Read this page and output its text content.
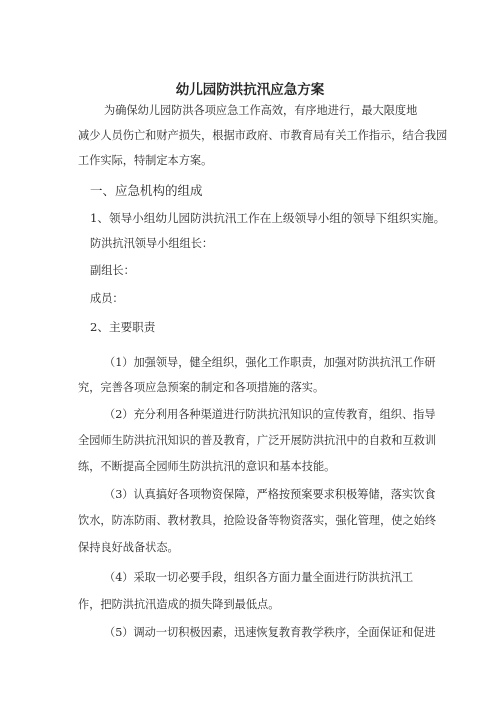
幼儿园防洪抗汛应急方案
为确保幼儿园防洪各项应急工作高效，有序地进行，最大限度地
减少人员伤亡和财产损失，根据市政府、市教育局有关工作指示，结合我园
工作实际，特制定本方案。
一、应急机构的组成
1、领导小组幼儿园防洪抗汛工作在上级领导小组的领导下组织实施。
防洪抗汛领导小组组长：
副组长：
成员：
2、主要职责
（1）加强领导，健全组织，强化工作职责，加强对防洪抗汛工作研
究，完善各项应急预案的制定和各项措施的落实。
（2）充分利用各种渠道进行防洪抗汛知识的宣传教育，组织、指导
全园师生防洪抗汛知识的普及教育，广泛开展防洪抗汛中的自救和互救训
练，不断提高全园师生防洪抗汛的意识和基本技能。
（3）认真搞好各项物资保障，严格按预案要求积极筹储，落实饮食
饮水，防冻防雨、教材教具，抢险设备等物资落实，强化管理，使之始终
保持良好战备状态。
（4）采取一切必要手段，组织各方面力量全面进行防洪抗汛工
作，把防洪抗汛造成的损失降到最低点。
（5）调动一切积极因素，迅速恢复教育教学秩序，全面保证和促进
